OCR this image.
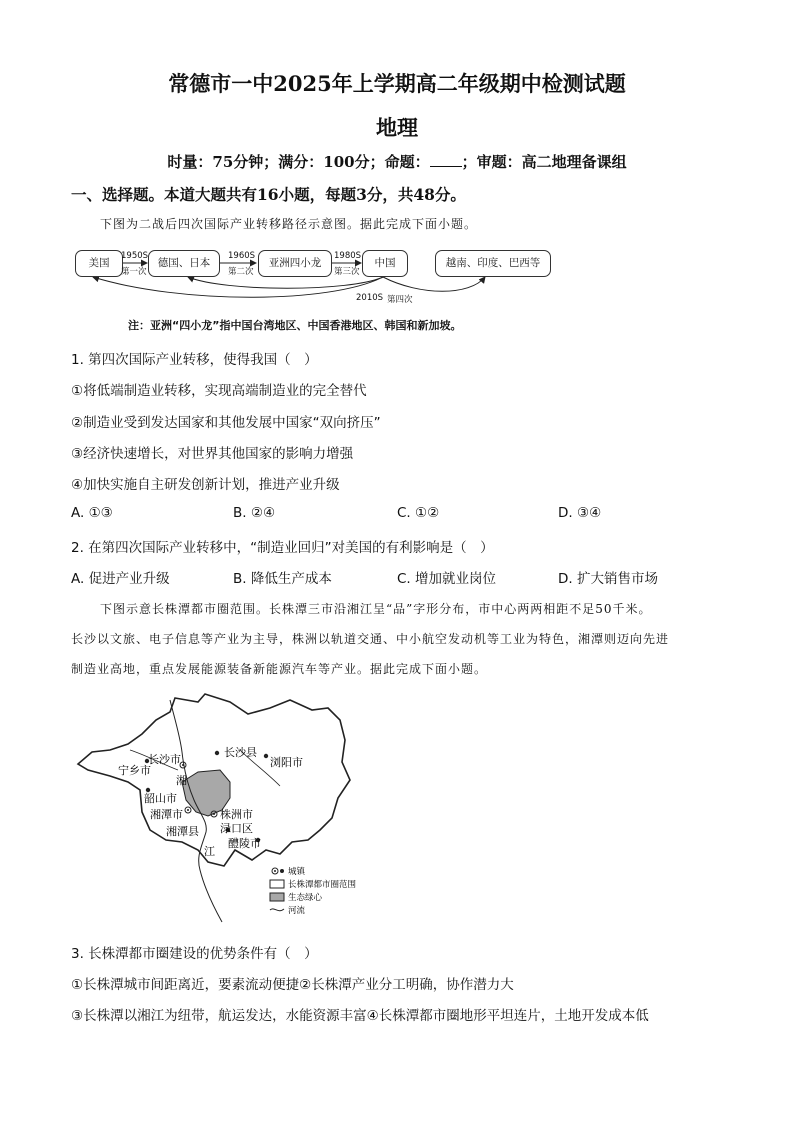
常德市一中2025年上学期高二年级期中检测试题
地理
时量：75分钟；满分：100分；命题： ；审题：高二地理备课组
一、选择题。本道大题共有16小题，每题3分，共48分。
下图为二战后四次国际产业转移路径示意图。据此完成下面小题。
美国	德国、日本	亚洲四小龙	中国	越南、印度、巴西等
1950S
第一次
1960S
第二次
1980S
第三次
2010S 第四次
注：亚洲“四小龙”指中国台湾地区、中国香港地区、韩国和新加坡。
1. 第四次国际产业转移，使得我国（　）
①将低端制造业转移，实现高端制造业的完全替代
②制造业受到发达国家和其他发展中国家“双向挤压”
③经济快速增长，对世界其他国家的影响力增强
④加快实施自主研发创新计划，推进产业升级
A. ①③	B. ②④	C. ①②	D. ③④
2. 在第四次国际产业转移中，“制造业回归”对美国的有利影响是（　）
A. 促进产业升级	B. 降低生产成本	C. 增加就业岗位	D. 扩大销售市场
下图示意长株潭都市圈范围。长株潭三市沿湘江呈“品”字形分布，市中心两两相距不足50千米。
长沙以文旅、电子信息等产业为主导，株洲以轨道交通、中小航空发动机等工业为特色，湘潭则迈向先进
制造业高地，重点发展能源装备新能源汽车等产业。据此完成下面小题。
长沙市
长沙县
宁乡市
浏阳市
湘
韶山市
湘潭市	株洲市
湘潭县 渌口区
江
醴陵市
城镇
长株潭都市圈范围
生态绿心
河流
3. 长株潭都市圈建设的优势条件有（　）
①长株潭城市间距离近，要素流动便捷②长株潭产业分工明确，协作潜力大
③长株潭以湘江为纽带，航运发达，水能资源丰富④长株潭都市圈地形平坦连片，土地开发成本低
